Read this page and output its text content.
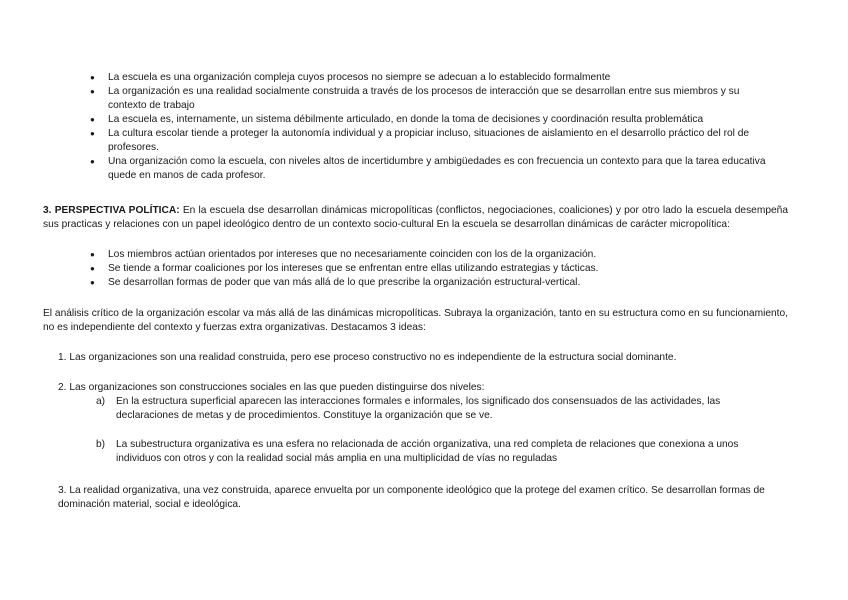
● La escuela es una organización compleja cuyos procesos no siempre se adecuan a lo establecido formalmente
● La organización es una realidad socialmente construida a través de los procesos de interacción que se desarrollan entre sus miembros y su contexto de trabajo
● La escuela es, internamente, un sistema débilmente articulado, en donde la toma de decisiones y coordinación resulta problemática
● La cultura escolar tiende a proteger la autonomía individual y a propiciar incluso, situaciones de aislamiento en el desarrollo práctico del rol de profesores.
● Una organización como la escuela, con niveles altos de incertidumbre y ambigüedades es con frecuencia un contexto para que la tarea educativa quede en manos de cada profesor.

3. PERSPECTIVA POLÍTICA: En la escuela dse desarrollan dinámicas micropolíticas (conflictos, negociaciones, coaliciones) y por otro lado la escuela desempeña sus practicas y relaciones con un papel ideológico dentro de un contexto socio-cultural En la escuela se desarrollan dinámicas de carácter micropolítica:

● Los miembros actúan orientados por intereses que no necesariamente coinciden con los de la organización.
● Se tiende a formar coaliciones por los intereses que se enfrentan entre ellas utilizando estrategias y tácticas.
● Se desarrollan formas de poder que van más allá de lo que prescribe la organización estructural-vertical.

El análisis crítico de la organización escolar va más allá de las dinámicas micropolíticas. Subraya la organización, tanto en su estructura como en su funcionamiento, no es independiente del contexto y fuerzas extra organizativas. Destacamos 3 ideas:

1. Las organizaciones son una realidad construida, pero ese proceso constructivo no es independiente de la estructura social dominante.
2. Las organizaciones son construcciones sociales en las que pueden distinguirse dos niveles:
a) En la estructura superficial aparecen las interacciones formales e informales, los significado dos consensuados de las actividades, las declaraciones de metas y de procedimientos. Constituye la organización que se ve.
b) La subestructura organizativa es una esfera no relacionada de acción organizativa, una red completa de relaciones que conexiona a unos individuos con otros y con la realidad social más amplia en una multiplicidad de vías no reguladas
3. La realidad organizativa, una vez construida, aparece envuelta por un componente ideológico que la protege del examen crítico. Se desarrollan formas de dominación material, social e ideológica.
